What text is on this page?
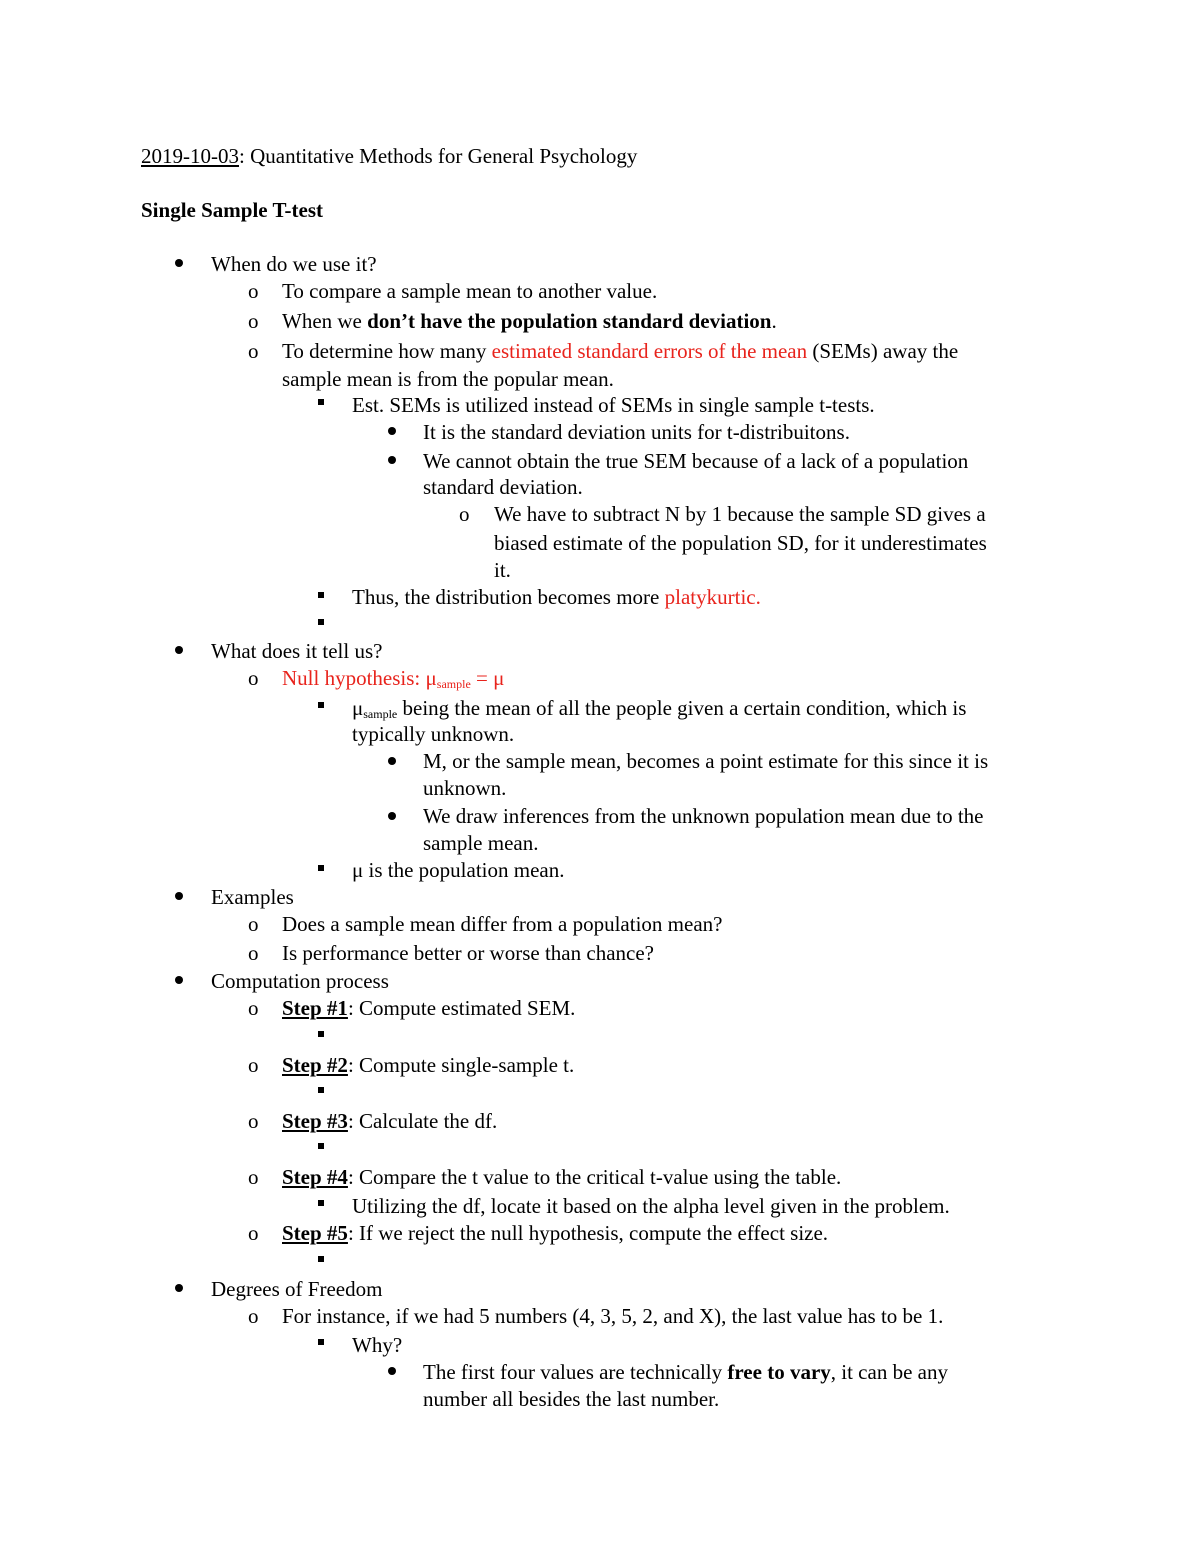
2019-10-03: Quantitative Methods for General Psychology
Single Sample T-test
When do we use it?
o To compare a sample mean to another value.
o When we don’t have the population standard deviation.
o To determine how many estimated standard errors of the mean (SEMs) away the
sample mean is from the popular mean.
Est. SEMs is utilized instead of SEMs in single sample t-tests.
It is the standard deviation units for t-distribuitons.
We cannot obtain the true SEM because of a lack of a population
standard deviation.
o We have to subtract N by 1 because the sample SD gives a
biased estimate of the population SD, for it underestimates
it.
Thus, the distribution becomes more platykurtic.
What does it tell us?
o Null hypothesis: $\mu_{sample} = \mu$
$\mu_{sample}$ being the mean of all the people given a certain condition, which is
typically unknown.
M, or the sample mean, becomes a point estimate for this since it is
unknown.
We draw inferences from the unknown population mean due to the
sample mean.
μ is the population mean.
Examples
o Does a sample mean differ from a population mean?
o Is performance better or worse than chance?
Computation process
o Step #1: Compute estimated SEM.
o Step #2: Compute single-sample t.
o Step #3: Calculate the df.
o Step #4: Compare the t value to the critical t-value using the table.
Utilizing the df, locate it based on the alpha level given in the problem.
o Step #5: If we reject the null hypothesis, compute the effect size.
Degrees of Freedom
o For instance, if we had 5 numbers (4, 3, 5, 2, and X), the last value has to be 1.
Why?
The first four values are technically free to vary, it can be any
number all besides the last number.
